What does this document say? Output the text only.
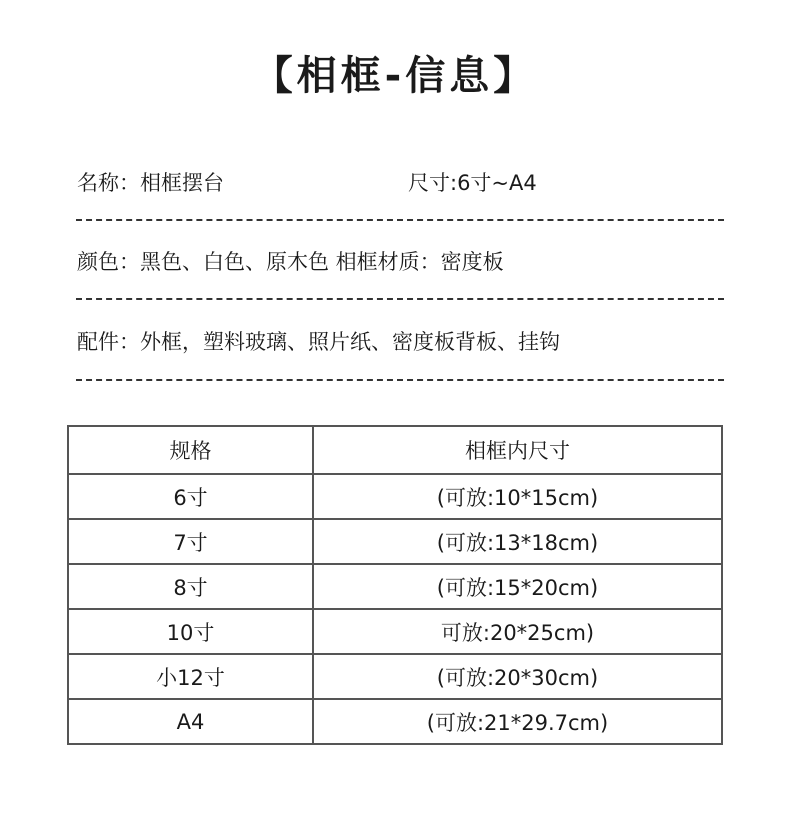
【相框-信息】
名称：相框摆台	尺寸:6寸~A4
颜色：黑色、白色、原木色 相框材质：密度板
配件：外框，塑料玻璃、照片纸、密度板背板、挂钩
规格	相框内尺寸
6寸	(可放:10*15cm)
7寸	(可放:13*18cm)
8寸	(可放:15*20cm)
10寸	可放:20*25cm)
小12寸	(可放:20*30cm)
A4	(可放:21*29.7cm)
